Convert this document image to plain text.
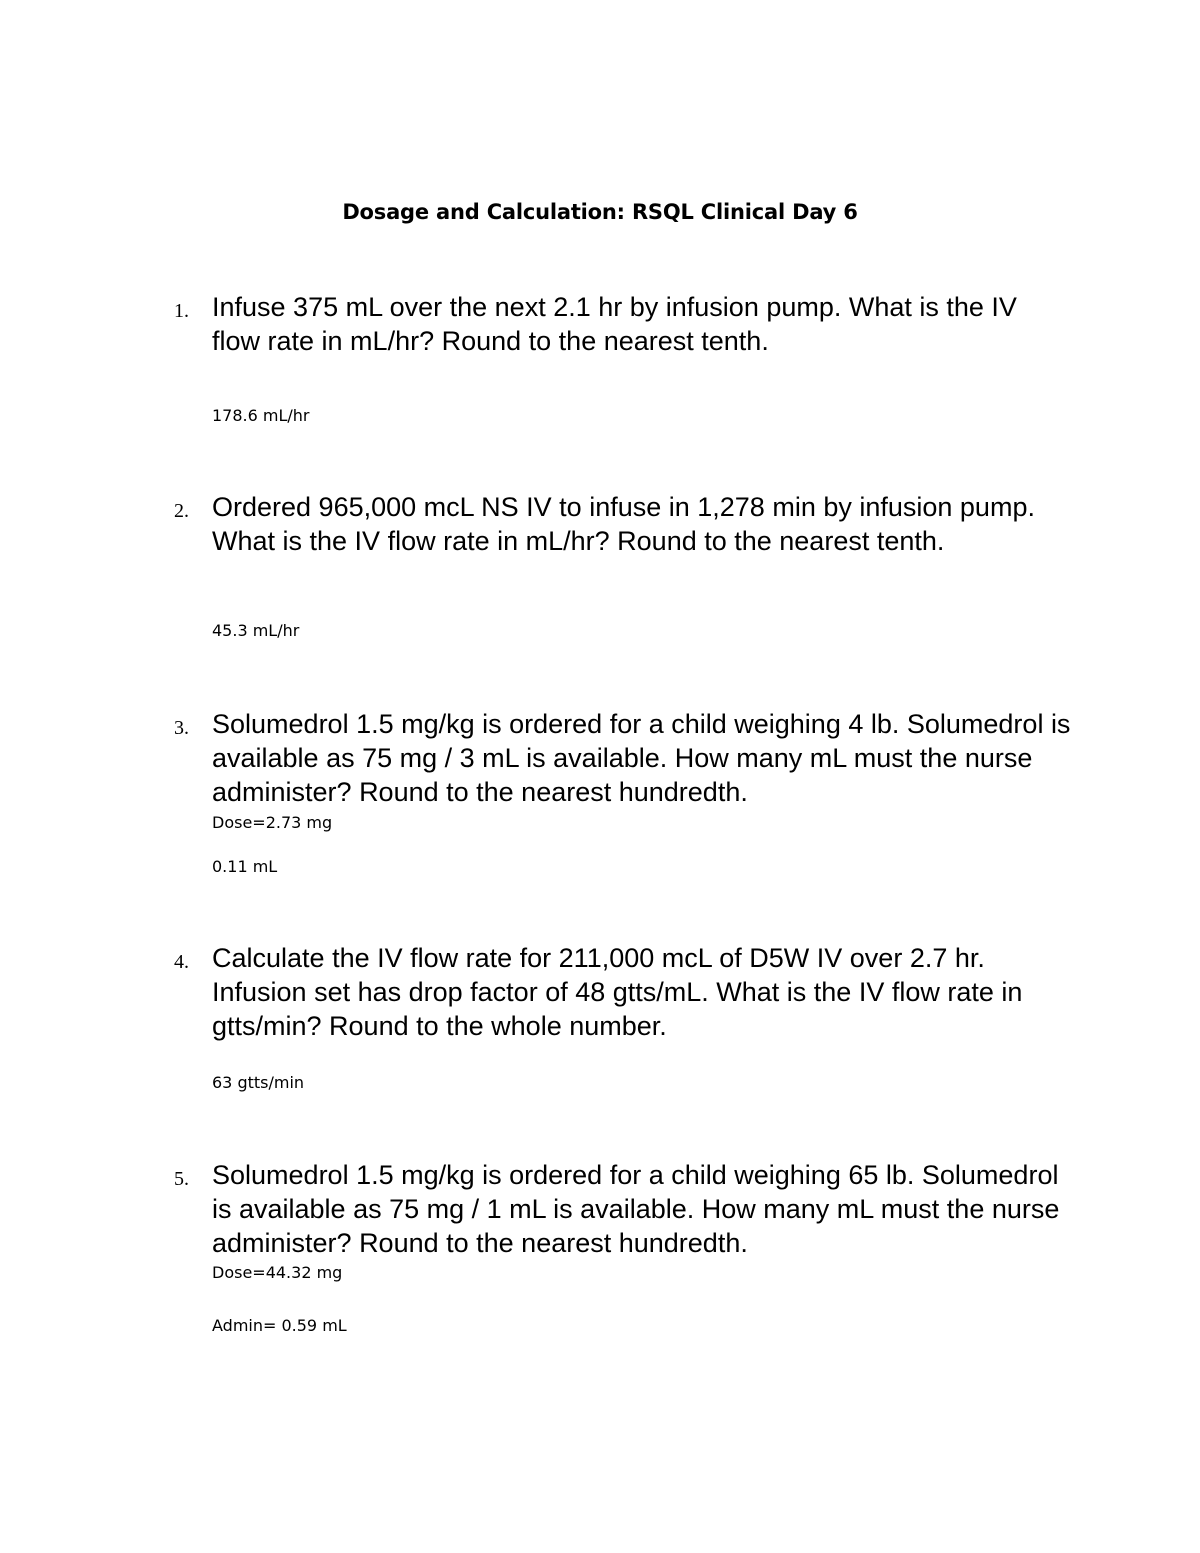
Dosage and Calculation: RSQL Clinical Day 6
1. Infuse 375 mL over the next 2.1 hr by infusion pump. What is the IV flow rate in mL/hr? Round to the nearest tenth.

178.6 mL/hr
2. Ordered 965,000 mcL NS IV to infuse in 1,278 min by infusion pump. What is the IV flow rate in mL/hr? Round to the nearest tenth.

45.3 mL/hr
3. Solumedrol 1.5 mg/kg is ordered for a child weighing 4 lb. Solumedrol is available as 75 mg / 3 mL is available. How many mL must the nurse administer? Round to the nearest hundredth.

Dose=2.73 mg
0.11 mL
4. Calculate the IV flow rate for 211,000 mcL of D5W IV over 2.7 hr. Infusion set has drop factor of 48 gtts/mL. What is the IV flow rate in gtts/min? Round to the whole number.

63 gtts/min
5. Solumedrol 1.5 mg/kg is ordered for a child weighing 65 lb. Solumedrol is available as 75 mg / 1 mL is available. How many mL must the nurse administer? Round to the nearest hundredth.

Dose=44.32 mg
Admin= 0.59 mL
